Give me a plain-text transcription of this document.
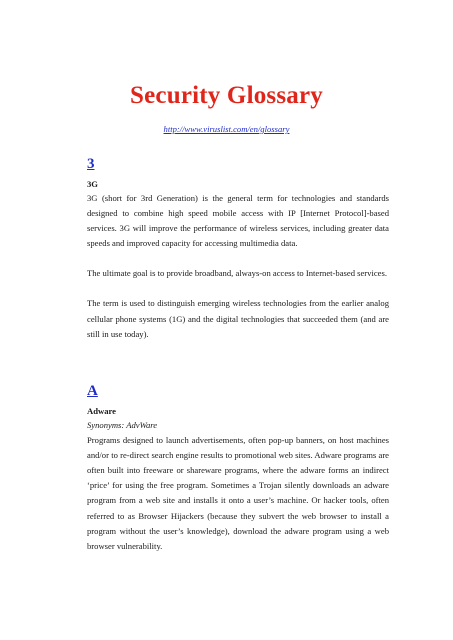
Security Glossary
http://www.viruslist.com/en/glossary
3
3G

3G (short for 3rd Generation) is the general term for technologies and standards designed to combine high speed mobile access with IP [Internet Protocol]-based services. 3G will improve the performance of wireless services, including greater data speeds and improved capacity for accessing multimedia data.

The ultimate goal is to provide broadband, always-on access to Internet-based services.

The term is used to distinguish emerging wireless technologies from the earlier analog cellular phone systems (1G) and the digital technologies that succeeded them (and are still in use today).

A
Adware
Synonyms: AdvWare

Programs designed to launch advertisements, often pop-up banners, on host machines and/or to re-direct search engine results to promotional web sites. Adware programs are often built into freeware or shareware programs, where the adware forms an indirect ‘price’ for using the free program. Sometimes a Trojan silently downloads an adware program from a web site and installs it onto a user’s machine. Or hacker tools, often referred to as Browser Hijackers (because they subvert the web browser to install a program without the user’s knowledge), download the adware program using a web browser vulnerability.
